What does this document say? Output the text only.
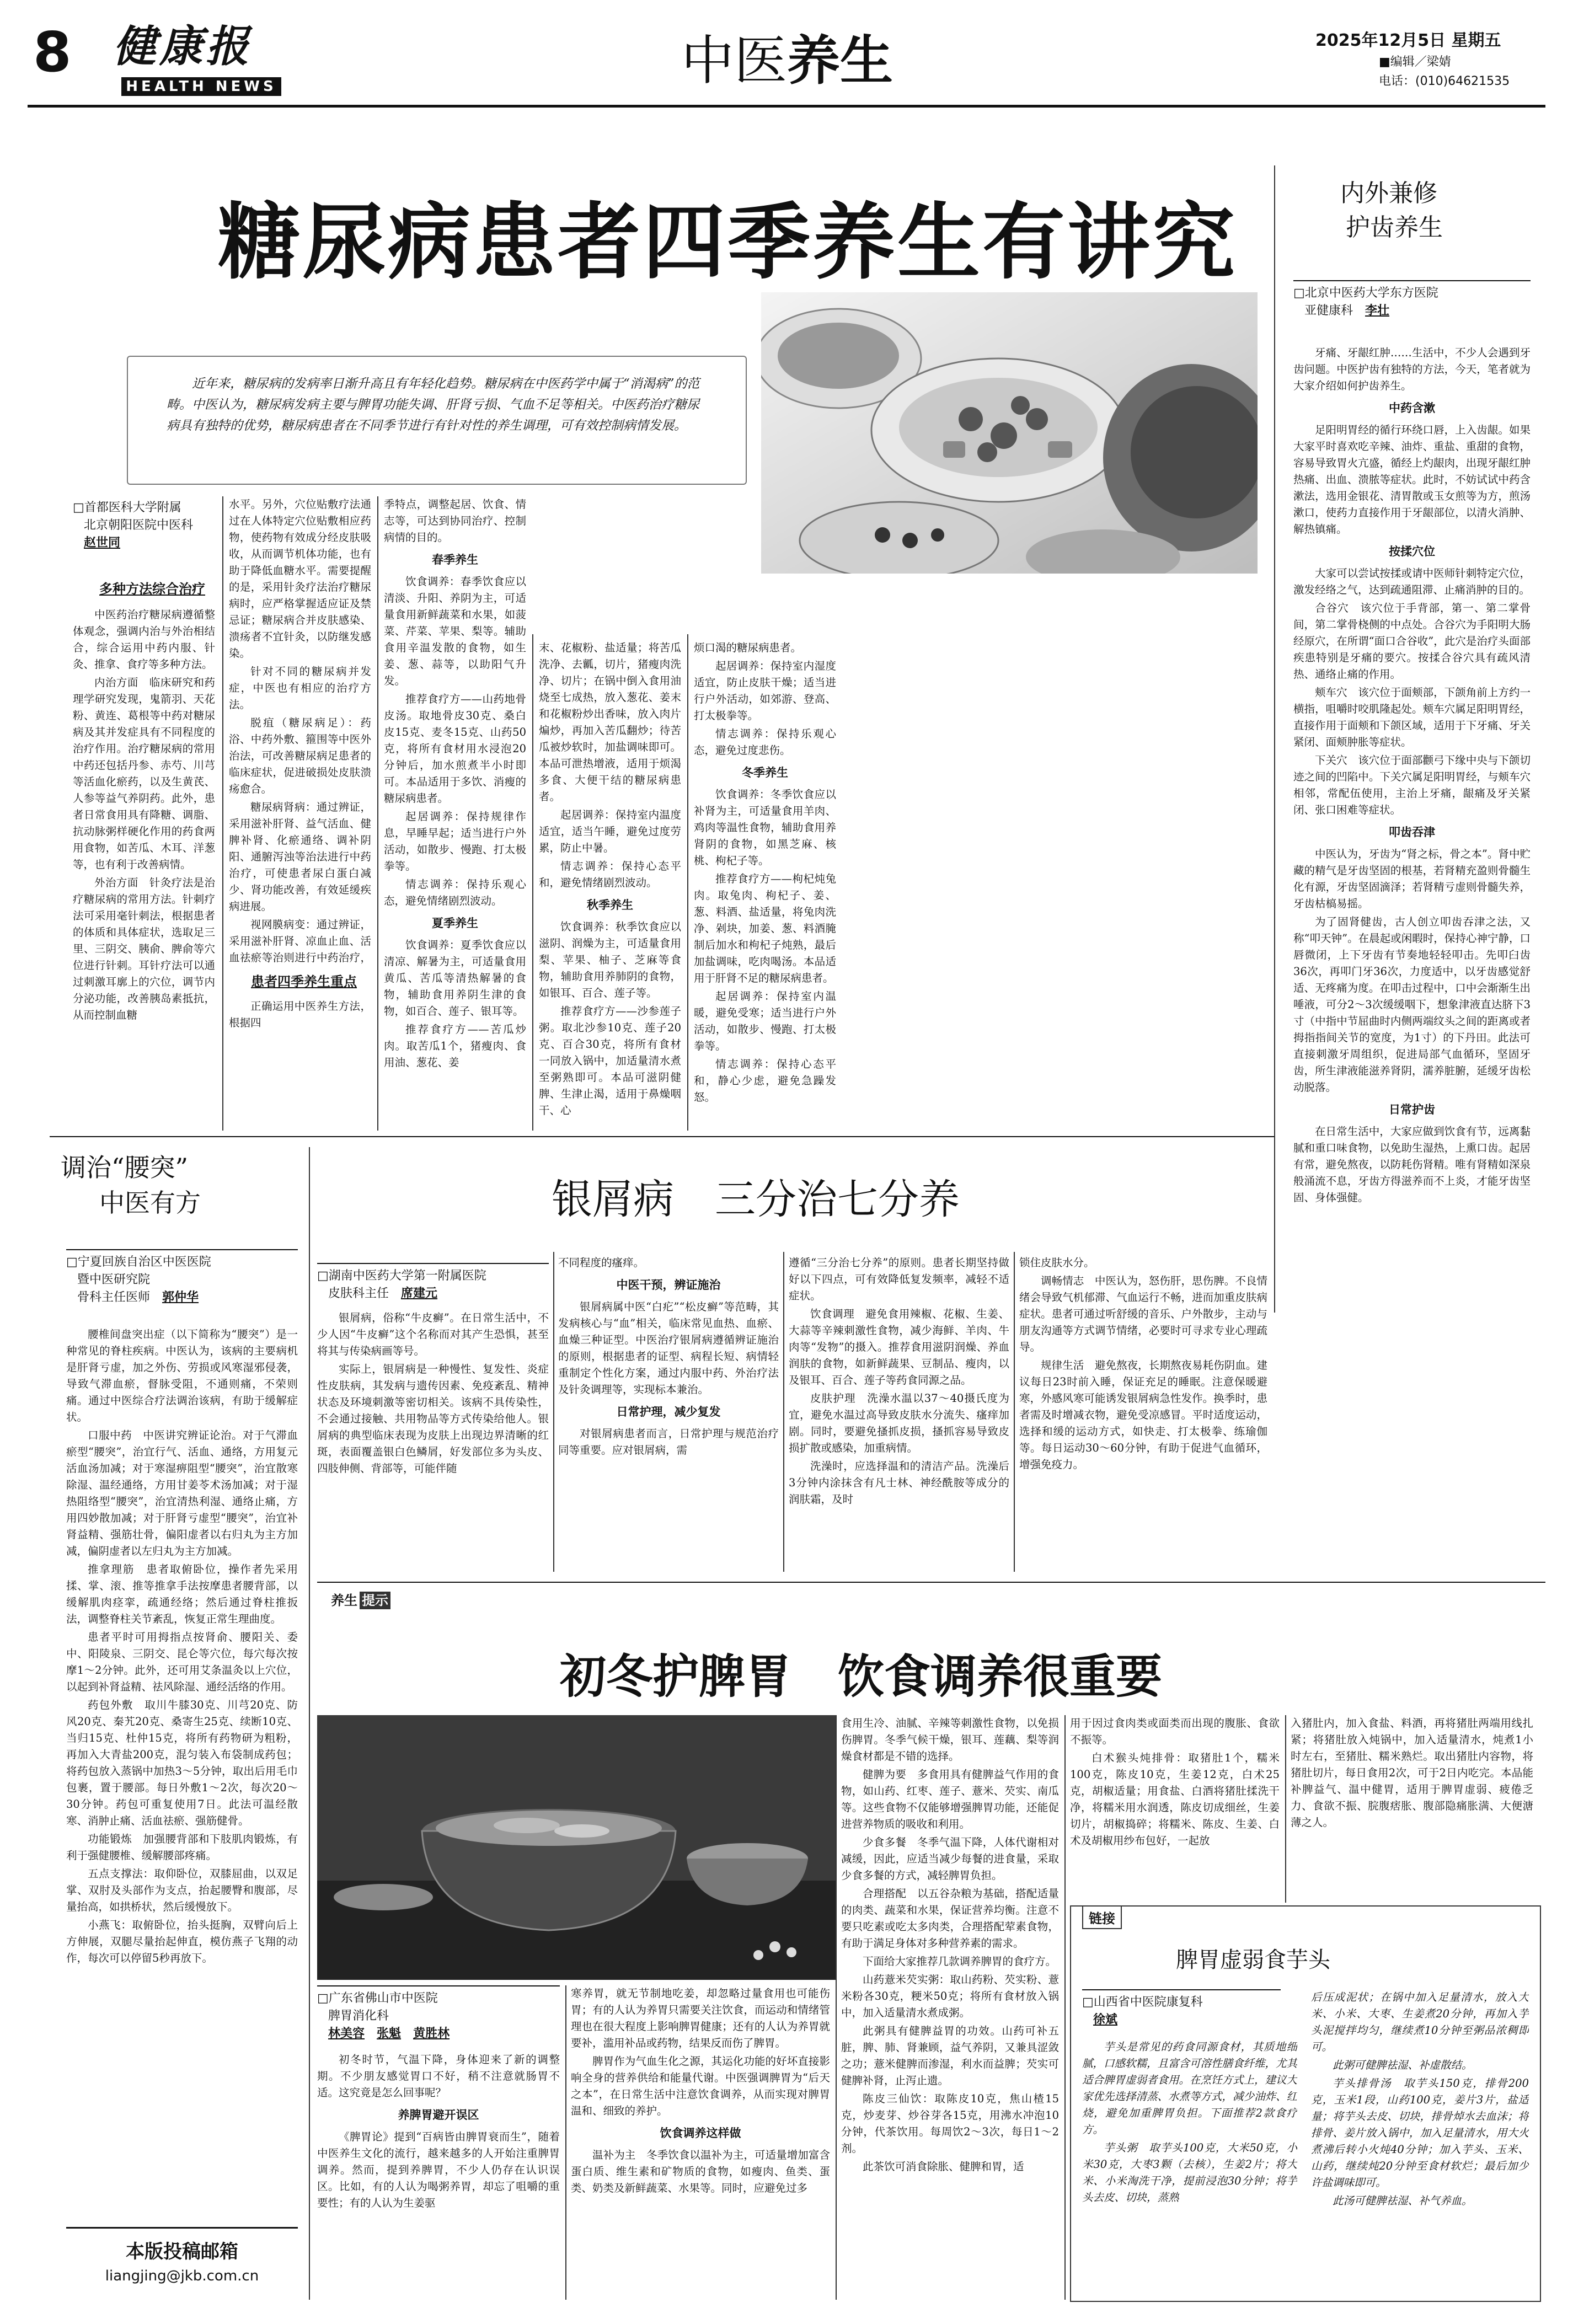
8 健康报
HEALTH NEWS	中医养生	2025年12月5日 星期五
■编辑／梁婧
电话：(010)64621535
糖尿病患者四季养生有讲究
近年来，糖尿病的发病率日渐升高且有年轻化趋势。糖尿病在中医药学中属于“消渴病”的范畴。中医认为，糖尿病发病主要与脾胃功能失调、肝肾亏损、气血不足等相关。中医药治疗糖尿病具有独特的优势，糖尿病患者在不同季节进行有针对性的养生调理，可有效控制病情发展。
□首都医科大学附属
北京朝阳医院中医科
赵世同
多种方法综合治疗

中医药治疗糖尿病遵循整体观念，强调内治与外治相结合，综合运用中药内服、针灸、推拿、食疗等多种方法。

内治方面　临床研究和药理学研究发现，鬼箭羽、天花粉、黄连、葛根等中药对糖尿病及其并发症具有不同程度的治疗作用。治疗糖尿病的常用中药还包括丹参、赤芍、川芎等活血化瘀药，以及生黄芪、人参等益气养阴药。此外，患者日常食用具有降糖、调脂、抗动脉粥样硬化作用的药食两用食物，如苦瓜、木耳、洋葱等，也有利于改善病情。

外治方面　针灸疗法是治疗糖尿病的常用方法。针刺疗法可采用毫针刺法，根据患者的体质和具体症状，选取足三里、三阴交、胰俞、脾俞等穴位进行针刺。耳针疗法可以通过刺激耳廓上的穴位，调节内分泌功能，改善胰岛素抵抗，从而控制血糖

水平。另外，穴位贴敷疗法通过在人体特定穴位贴敷相应药物，使药物有效成分经皮肤吸收，从而调节机体功能，也有助于降低血糖水平。需要提醒的是，采用针灸疗法治疗糖尿病时，应严格掌握适应证及禁忌证；糖尿病合并皮肤感染、溃疡者不宜针灸，以防继发感染。

针对不同的糖尿病并发症，中医也有相应的治疗方法。

脱疽（糖尿病足）：药浴、中药外敷、箍围等中医外治法，可改善糖尿病足患者的临床症状，促进破损处皮肤溃疡愈合。

糖尿病肾病：通过辨证，采用滋补肝肾、益气活血、健脾补肾、化瘀通络、调补阴阳、通腑泻浊等治法进行中药治疗，可使患者尿白蛋白减少、肾功能改善，有效延缓疾病进展。

视网膜病变：通过辨证，采用滋补肝肾、凉血止血、活血祛瘀等治则进行中药治疗，

患者四季养生重点

正确运用中医养生方法，根据四

季特点，调整起居、饮食、情志等，可达到协同治疗、控制病情的目的。

春季养生

饮食调养：春季饮食应以清淡、升阳、养阴为主，可适量食用新鲜蔬菜和水果，如菠菜、芹菜、苹果、梨等。辅助食用辛温发散的食物，如生姜、葱、蒜等，以助阳气升发。

推荐食疗方——山药地骨皮汤。取地骨皮30克、桑白皮15克、麦冬15克、山药50克，将所有食材用水浸泡20分钟后，加水煎煮半小时即可。本品适用于多饮、消瘦的糖尿病患者。

起居调养：保持规律作息，早睡早起；适当进行户外活动，如散步、慢跑、打太极拳等。

情志调养：保持乐观心态，避免情绪剧烈波动。

夏季养生

饮食调养：夏季饮食应以清凉、解暑为主，可适量食用黄瓜、苦瓜等清热解暑的食物，辅助食用养阴生津的食物，如百合、莲子、银耳等。

推荐食疗方——苦瓜炒肉。取苦瓜1个，猪瘦肉、食用油、葱花、姜

末、花椒粉、盐适量；将苦瓜洗净、去瓤，切片，猪瘦肉洗净、切片；在锅中倒入食用油烧至七成热，放入葱花、姜末和花椒粉炒出香味，放入肉片煸炒，再加入苦瓜翻炒；待苦瓜被炒软时，加盐调味即可。本品可泄热增液，适用于烦渴多食、大便干结的糖尿病患者。

起居调养：保持室内温度适宜，适当午睡，避免过度劳累，防止中暑。

情志调养：保持心态平和，避免情绪剧烈波动。

秋季养生

饮食调养：秋季饮食应以滋阴、润燥为主，可适量食用梨、苹果、柚子、芝麻等食物，辅助食用养肺阴的食物，如银耳、百合、莲子等。

推荐食疗方——沙参莲子粥。取北沙参10克、莲子20克、百合30克，将所有食材一同放入锅中，加适量清水煮至粥熟即可。本品可滋阴健脾、生津止渴，适用于鼻燥咽干、心

烦口渴的糖尿病患者。

起居调养：保持室内湿度适宜，防止皮肤干燥；适当进行户外活动，如郊游、登高、打太极拳等。

情志调养：保持乐观心态，避免过度悲伤。

冬季养生

饮食调养：冬季饮食应以补肾为主，可适量食用羊肉、鸡肉等温性食物，辅助食用养肾阴的食物，如黑芝麻、核桃、枸杞子等。

推荐食疗方——枸杞炖兔肉。取兔肉、枸杞子、姜、葱、料酒、盐适量，将兔肉洗净、剁块，加姜、葱、料酒腌制后加水和枸杞子炖熟，最后加盐调味，吃肉喝汤。本品适用于肝肾不足的糖尿病患者。

起居调养：保持室内温暖，避免受寒；适当进行户外活动，如散步、慢跑、打太极拳等。

情志调养：保持心态平和，静心少虑，避免急躁发怒。

内外兼修
护齿养生
□北京中医药大学东方医院
亚健康科　 李壮

牙痛、牙龈红肿……生活中，不少人会遇到牙齿问题。中医护齿有独特的方法，今天，笔者就为大家介绍如何护齿养生。

中药含漱

足阳明胃经的循行环绕口唇，上入齿龈。如果大家平时喜欢吃辛辣、油炸、重盐、重甜的食物，容易导致胃火亢盛，循经上灼龈肉，出现牙龈红肿热痛、出血、溃脓等症状。此时，不妨试试中药含漱法，选用金银花、清胃散或玉女煎等为方，煎汤漱口，使药力直接作用于牙龈部位，以清火消肿、解热镇痛。

按揉穴位

大家可以尝试按揉或请中医师针刺特定穴位，激发经络之气，达到疏通阻滞、止痛消肿的目的。

合谷穴　该穴位于手背部，第一、第二掌骨间，第二掌骨桡侧的中点处。合谷穴为手阳明大肠经原穴，在所谓“面口合谷收”，此穴是治疗头面部疾患特别是牙痛的要穴。按揉合谷穴具有疏风清热、通络止痛的作用。

颊车穴　该穴位于面颊部，下颌角前上方约一横指，咀嚼时咬肌隆起处。颊车穴属足阳明胃经，直接作用于面颊和下颌区域，适用于下牙痛、牙关紧闭、面颊肿胀等症状。

下关穴　该穴位于面部颧弓下缘中央与下颌切迹之间的凹陷中。下关穴属足阳明胃经，与颊车穴相邻，常配伍使用，主治上牙痛，龈痛及牙关紧闭、张口困难等症状。

叩齿吞津

中医认为，牙齿为“肾之标，骨之本”。肾中贮藏的精气是牙齿坚固的根基，若肾精充盈则骨髓生化有源，牙齿坚固滴泽；若肾精亏虚则骨髓失养，牙齿枯槁易摇。

为了固肾健齿，古人创立叩齿吞津之法，又称“叩天钟”。在晨起或闲暇时，保持心神宁静，口唇微闭，上下牙齿有节奏地轻轻叩击。先叩臼齿36次，再叩门牙36次，力度适中，以牙齿感觉舒适、无疼痛为度。在叩击过程中，口中会渐渐生出唾液，可分2～3次缓缓咽下，想象津液直达脐下3寸（中指中节屈曲时内侧两端纹头之间的距离或者拇指指间关节的宽度，为1寸）的下丹田。此法可直接刺激牙周组织，促进局部气血循环，坚固牙齿，所生津液能滋养肾阴，濡养脏腑，延缓牙齿松动脱落。

日常护齿

在日常生活中，大家应做到饮食有节，远离黏腻和重口味食物，以免助生湿热，上熏口齿。起居有常，避免熬夜，以防耗伤肾精。唯有肾精如深泉般涌流不息，牙齿方得滋养而不上炎，才能牙齿坚固、身体强健。

调治“腰突”
中医有方
□宁夏回族自治区中医医院
暨中医研究院
骨科主任医师　 郭仲华

腰椎间盘突出症（以下简称为“腰突”）是一种常见的脊柱疾病。中医认为，该病的主要病机是肝肾亏虚，加之外伤、劳损或风寒湿邪侵袭，导致气滞血瘀，督脉受阻，不通则痛，不荣则痛。通过中医综合疗法调治该病，有助于缓解症状。

口服中药　中医讲究辨证论治。对于气滞血瘀型“腰突”，治宜行气、活血、通络，方用复元活血汤加减；对于寒湿痹阻型“腰突”，治宜散寒除湿、温经通络，方用甘姜苓术汤加减；对于湿热阻络型“腰突”，治宜清热利湿、通络止痛，方用四妙散加减；对于肝肾亏虚型“腰突”，治宜补肾益精、强筋壮骨，偏阳虚者以右归丸为主方加减，偏阴虚者以左归丸为主方加减。

推拿理筋　患者取俯卧位，操作者先采用揉、掌、滚、推等推拿手法按摩患者腰背部，以缓解肌肉痉挛，疏通经络；然后通过脊柱推扳法，调整脊柱关节紊乱，恢复正常生理曲度。

患者平时可用拇指点按肾俞、腰阳关、委中、阳陵泉、三阴交、昆仑等穴位，每穴每次按摩1～2分钟。此外，还可用艾条温灸以上穴位，以起到补肾益精、祛风除湿、通经活络的作用。

药包外敷　取川牛膝30克、川芎20克、防风20克、秦艽20克、桑寄生25克、续断10克、当归15克、杜仲15克，将所有药物研为粗粉，再加入大青盐200克，混匀装入布袋制成药包；将药包放入蒸锅中加热3～5分钟，取出后用毛巾包裹，置于腰部。每日外敷1～2次，每次20～30分钟。药包可重复使用7日。此法可温经散寒、消肿止痛、活血祛瘀、强筋健骨。

功能锻炼　加强腰背部和下肢肌肉锻炼，有利于强健腰椎、缓解腰部疼痛。

五点支撑法：取仰卧位，双膝屈曲，以双足掌、双肘及头部作为支点，抬起腰臀和腹部，尽量抬高，如拱桥状，然后缓慢放下。

小燕飞：取俯卧位，抬头挺胸，双臂向后上方伸展，双腿尽量抬起伸直，模仿燕子飞翔的动作，每次可以停留5秒再放下。

本版投稿邮箱
liangjing@jkb.com.cn
银屑病　三分治七分养
□湖南中医药大学第一附属医院
皮肤科主任　 席建元

银屑病，俗称“牛皮癣”。在日常生活中，不少人因“牛皮癣”这个名称而对其产生恐惧，甚至将其与传染病画等号。

实际上，银屑病是一种慢性、复发性、炎症性皮肤病，其发病与遗传因素、免疫紊乱、精神状态及环境刺激等密切相关。该病不具传染性，不会通过接触、共用物品等方式传染给他人。银屑病的典型临床表现为皮肤上出现边界清晰的红斑，表面覆盖银白色鳞屑，好发部位多为头皮、四肢伸侧、背部等，可能伴随

不同程度的瘙痒。

中医干预，辨证施治

银屑病属中医“白疕”“松皮癣”等范畴，其发病核心与“血”相关，临床常见血热、血瘀、血燥三种证型。中医治疗银屑病遵循辨证施治的原则，根据患者的证型、病程长短、病情轻重制定个性化方案，通过内服中药、外治疗法及针灸调理等，实现标本兼治。

日常护理，减少复发

对银屑病患者而言，日常护理与规范治疗同等重要。应对银屑病，需

遵循“三分治七分养”的原则。患者长期坚持做好以下四点，可有效降低复发频率，减轻不适症状。

饮食调理　避免食用辣椒、花椒、生姜、大蒜等辛辣刺激性食物，减少海鲜、羊肉、牛肉等“发物”的摄入。推荐食用滋阴润燥、养血润肤的食物，如新鲜蔬果、豆制品、瘦肉，以及银耳、百合、莲子等药食同源之品。

皮肤护理　洗澡水温以37～40摄氏度为宜，避免水温过高导致皮肤水分流失、瘙痒加剧。同时，要避免搔抓皮损，搔抓容易导致皮损扩散或感染，加重病情。

洗澡时，应选择温和的清洁产品。洗澡后3分钟内涂抹含有凡士林、神经酰胺等成分的润肤霜，及时

锁住皮肤水分。

调畅情志　中医认为，怒伤肝，思伤脾。不良情绪会导致气机郁滞、气血运行不畅，进而加重皮肤病症状。患者可通过听舒缓的音乐、户外散步，主动与朋友沟通等方式调节情绪，必要时可寻求专业心理疏导。

规律生活　避免熬夜，长期熬夜易耗伤阴血。建议每日23时前入睡，保证充足的睡眠。注意保暖避寒，外感风寒可能诱发银屑病急性发作。换季时，患者需及时增减衣物，避免受凉感冒。平时适度运动，选择和缓的运动方式，如快走、打太极拳、练瑜伽等。每日运动30～60分钟，有助于促进气血循环，增强免疫力。

养生 提示
初冬护脾胃　饮食调养很重要
□广东省佛山市中医院
脾胃消化科
林美容　 张魁　 黄胜林

初冬时节，气温下降，身体迎来了新的调整期。不少朋友感觉胃口不好，稍不注意就肠胃不适。这究竟是怎么回事呢？

养脾胃避开误区

《脾胃论》提到“百病皆由脾胃衰而生”，随着中医养生文化的流行，越来越多的人开始注重脾胃调养。然而，提到养脾胃，不少人仍存在认识误区。比如，有的人认为喝粥养胃，却忘了咀嚼的重要性；有的人认为生姜驱

寒养胃，就无节制地吃姜，却忽略过量食用也可能伤胃；有的人认为养胃只需要关注饮食，而运动和情绪管理也在很大程度上影响脾胃健康；还有的人认为养胃就要补，滥用补品或药物，结果反而伤了脾胃。

脾胃作为气血生化之源，其运化功能的好坏直接影响全身的营养供给和能量代谢。中医强调脾胃为“后天之本”，在日常生活中注意饮食调养，从而实现对脾胃温和、细致的养护。

饮食调养这样做

温补为主　冬季饮食以温补为主，可适量增加富含蛋白质、维生素和矿物质的食物，如瘦肉、鱼类、蛋类、奶类及新鲜蔬菜、水果等。同时，应避免过多

食用生冷、油腻、辛辣等刺激性食物，以免损伤脾胃。冬季气候干燥，银耳、莲藕、梨等润燥食材都是不错的选择。

健脾为要　多食用具有健脾益气作用的食物，如山药、红枣、莲子、薏米、芡实、南瓜等。这些食物不仅能够增强脾胃功能，还能促进营养物质的吸收和利用。

少食多餐　冬季气温下降，人体代谢相对减缓，因此，应适当减少每餐的进食量，采取少食多餐的方式，减轻脾胃负担。

合理搭配　以五谷杂粮为基础，搭配适量的肉类、蔬菜和水果，保证营养均衡。注意不要只吃素或吃太多肉类，合理搭配荤素食物，有助于满足身体对多种营养素的需求。

下面给大家推荐几款调养脾胃的食疗方。

山药薏米芡实粥：取山药粉、芡实粉、薏米粉各30克，粳米50克；将所有食材放入锅中，加入适量清水煮成粥。

此粥具有健脾益胃的功效。山药可补五脏，脾、肺、肾兼顾，益气养阴，又兼具涩敛之功；薏米健脾而渗湿，利水而益脾；芡实可健脾补肾，止泻止遗。

陈皮三仙饮：取陈皮10克，焦山楂15克，炒麦芽、炒谷芽各15克，用沸水冲泡10分钟，代茶饮用。每周饮2～3次，每日1～2剂。

此茶饮可消食除胀、健脾和胃，适

用于因过食肉类或面类而出现的腹胀、食欲不振等。

白术猴头炖排骨：取猪肚1个，糯米100克，陈皮10克，生姜12克，白术25克，胡椒适量；用食盐、白酒将猪肚揉洗干净，将糯米用水润透，陈皮切成细丝，生姜切片，胡椒捣碎；将糯米、陈皮、生姜、白术及胡椒用纱布包好，一起放

入猪肚内，加入食盐、料酒，再将猪肚两端用线扎紧；将猪肚放入炖锅中，加入适量清水，炖煮1小时左右，至猪肚、糯米熟烂。取出猪肚内容物，将猪肚切片，每日食用2次，可于2日内吃完。本品能补脾益气、温中健胃，适用于脾胃虚弱、疲倦乏力、食欲不振、脘腹痞胀、腹部隐痛胀满、大便溏薄之人。

链接
脾胃虚弱食芋头
□山西省中医院康复科
徐斌

芋头是常见的药食同源食材，其质地细腻，口感软糯，且富含可溶性膳食纤维，尤其适合脾胃虚弱者食用。在烹饪方式上，建议大家优先选择清蒸、水煮等方式，减少油炸、红烧，避免加重脾胃负担。下面推荐2款食疗方。

芋头粥　取芋头100克，大米50克，小米30克，大枣3颗（去核），生姜2片；将大米、小米淘洗干净，提前浸泡30分钟；将芋头去皮、切块，蒸熟

后压成泥状；在锅中加入足量清水，放入大米、小米、大枣、生姜煮20分钟，再加入芋头泥搅拌均匀，继续煮10分钟至粥品浓稠即可。

此粥可健脾祛湿、补虚散结。

芋头排骨汤　取芋头150克，排骨200克，玉米1段，山药100克，姜片3片，盐适量；将芋头去皮、切块，排骨焯水去血沫；将排骨、姜片放入锅中，加入足量清水，用大火煮沸后转小火炖40分钟；加入芋头、玉米、山药，继续炖20分钟至食材软烂；最后加少许盐调味即可。

此汤可健脾祛湿、补气养血。
